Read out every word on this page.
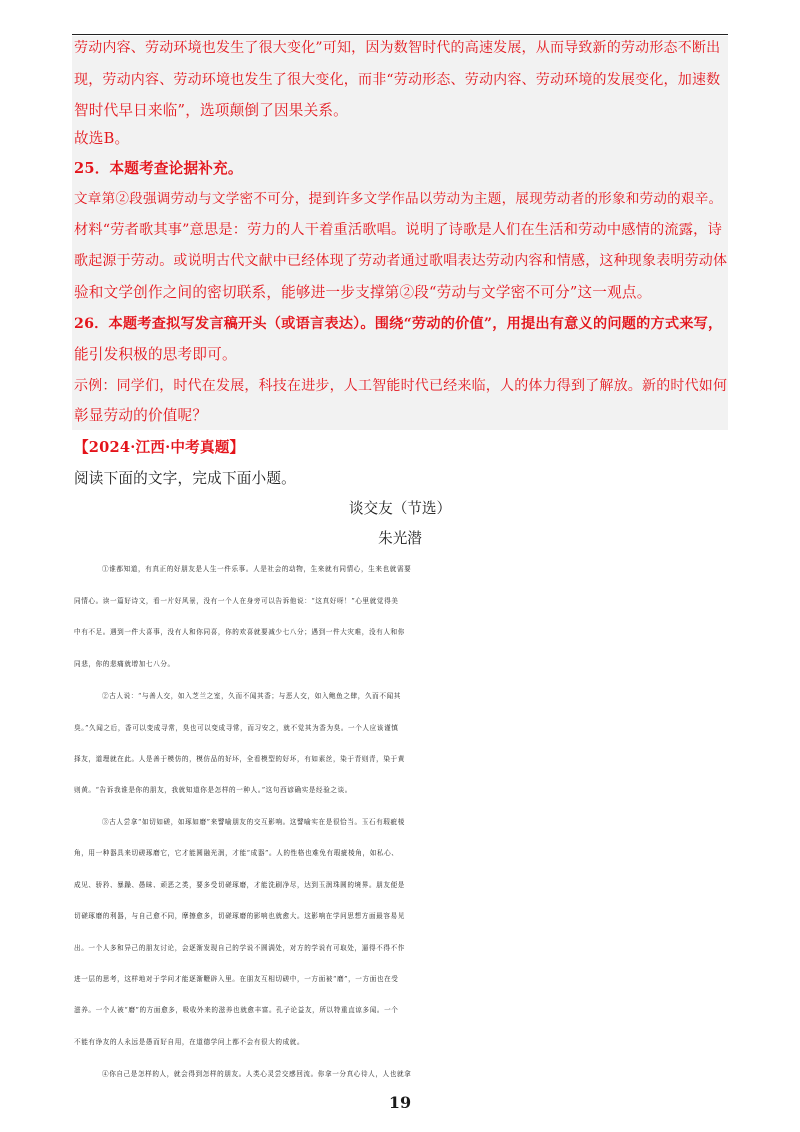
劳动内容、劳动环境也发生了很大变化”可知，因为数智时代的高速发展，从而导致新的劳动形态不断出
现，劳动内容、劳动环境也发生了很大变化，而非“劳动形态、劳动内容、劳动环境的发展变化，加速数
智时代早日来临”，选项颠倒了因果关系。
故选B。
25．本题考查论据补充。
文章第②段强调劳动与文学密不可分，提到许多文学作品以劳动为主题，展现劳动者的形象和劳动的艰辛。
材料“劳者歌其事”意思是：劳力的人干着重活歌唱。说明了诗歌是人们在生活和劳动中感情的流露，诗
歌起源于劳动。或说明古代文献中已经体现了劳动者通过歌唱表达劳动内容和情感，这种现象表明劳动体
验和文学创作之间的密切联系，能够进一步支撑第②段“劳动与文学密不可分”这一观点。
26．本题考查拟写发言稿开头（或语言表达）。围绕“劳动的价值”，用提出有意义的问题的方式来写，
能引发积极的思考即可。
示例：同学们，时代在发展，科技在进步，人工智能时代已经来临，人的体力得到了解放。新的时代如何
彰显劳动的价值呢？
【2024·江西·中考真题】
阅读下面的文字，完成下面小题。
谈交友（节选）
朱光潜
①谁都知道，有真正的好朋友是人生一件乐事。人是社会的动物，生来就有同情心，生来也就需要
同情心。读一篇好诗文，看一片好风景，没有一个人在身旁可以告诉他说：“这真好呀！”心里就觉得美
中有不足。遇到一件大喜事，没有人和你同喜，你的欢喜就要减少七八分；遇到一件大灾难，没有人和你
同悲，你的悲痛就增加七八分。
②古人说：“与善人交，如入芝兰之室，久而不闻其香；与恶人交，如入鲍鱼之肆，久而不闻其
臭。”久闻之后，香可以变成寻常，臭也可以变成寻常，而习安之，就不觉其为香为臭。一个人应该谨慎
择友，道理就在此。人是善于模仿的，模仿品的好坏，全看模型的好坏，有如素丝，染于青则青，染于黄
则黄。“告诉我谁是你的朋友，我就知道你是怎样的一种人。”这句西谚确实是经验之谈。
③古人尝拿“如切如磋，如琢如磨”来譬喻朋友的交互影响。这譬喻实在是很恰当。玉石有瑕疵棱
角，用一种器具来切磋琢磨它，它才能圆融光润，才能“成器”。人的性格也难免有瑕疵棱角，如私心、
成见、骄矜、暴躁、愚昧、顽恶之类，要多受切磋琢磨，才能洗刷净尽，达到玉润珠圆的境界。朋友便是
切磋琢磨的利器，与自己愈不同，摩擦愈多，切磋琢磨的影响也就愈大。这影响在学问思想方面最容易见
出。一个人多和异己的朋友讨论，会逐渐发现自己的学说不圆满处，对方的学说有可取处，逼得不得不作
进一层的思考，这样地对于学问才能逐渐鞭辟入里。在朋友互相切磋中，一方面被“磨”，一方面也在受
滋养。一个人被“磨”的方面愈多，吸收外来的滋养也就愈丰富。孔子论益友，所以特重直谅多闻。一个
不能有诤友的人永远是愚而好自用，在道德学问上都不会有很大的成就。
④你自己是怎样的人，就会得到怎样的朋友。人类心灵尝交感回流。你拿一分真心待人，人也就拿
19
